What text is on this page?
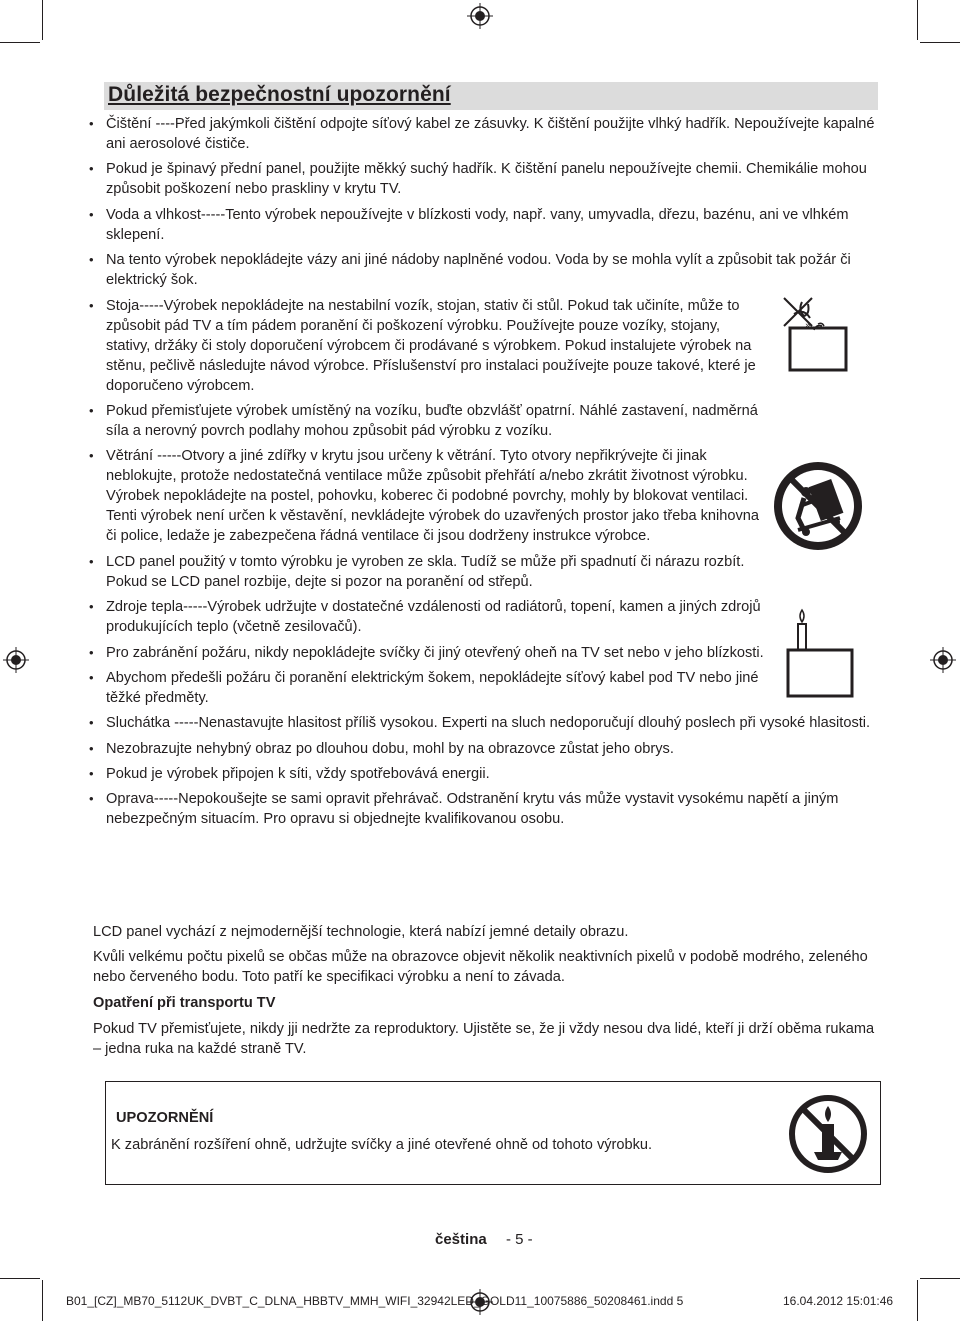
Důležitá bezpečnostní upozornění
• Čištění ----Před jakýmkoli čištění odpojte síťový kabel ze zásuvky. K čištění použijte vlhký hadřík. Nepoužívejte kapalné ani aerosolové čističe.
• Pokud je špinavý přední panel, použijte měkký suchý hadřík. K čištění panelu nepoužívejte chemii. Chemikálie mohou způsobit poškození nebo praskliny v krytu TV.
• Voda a vlhkost-----Tento výrobek nepoužívejte v blízkosti vody, např. vany, umyvadla, dřezu, bazénu, ani ve vlhkém sklepení.
• Na tento výrobek nepokládejte vázy ani jiné nádoby naplněné vodou. Voda by se mohla vylít a způsobit tak požár či elektrický šok.
• Stoja-----Výrobek nepokládejte na nestabilní vozík, stojan, stativ či stůl. Pokud tak učiníte, může to způsobit pád TV a tím pádem poranění či poškození výrobku. Používejte pouze vozíky, stojany, stativy, držáky či stoly doporučení výrobcem či prodávané s výrobkem. Pokud instalujete výrobek na stěnu, pečlivě následujte návod výrobce. Příslušenství pro instalaci používejte pouze takové, které je doporučeno výrobcem.
• Pokud přemisťujete výrobek umístěný na vozíku, buďte obzvlášť opatrní. Náhlé zastavení, nadměrná síla a nerovný povrch podlahy mohou způsobit pád výrobku z vozíku.
• Větrání -----Otvory a jiné zdířky v krytu jsou určeny k větrání. Tyto otvory nepřikrývejte či jinak neblokujte, protože nedostatečná ventilace může způsobit přehřátí a/nebo zkrátit životnost výrobku. Výrobek nepokládejte na postel, pohovku, koberec či podobné povrchy, mohly by blokovat ventilaci. Tenti výrobek není určen k věstavění, nevkládejte výrobek do uzavřených prostor jako třeba knihovna či police, ledaže je zabezpečena řádná ventilace či jsou dodrženy instrukce výrobce.
• LCD panel použitý v tomto výrobku je vyroben ze skla. Tudíž se může při spadnutí či nárazu rozbít. Pokud se LCD panel rozbije, dejte si pozor na poranění od střepů.
• Zdroje tepla-----Výrobek udržujte v dostatečné vzdálenosti od radiátorů, topení, kamen a jiných zdrojů produkujících teplo (včetně zesilovačů).
• Pro zabránění požáru, nikdy nepokládejte svíčky či jiný otevřený oheň na TV set nebo v jeho blízkosti.
• Abychom předešli požáru či poranění elektrickým šokem, nepokládejte síťový kabel pod TV nebo jiné těžké předměty.
• Sluchátka -----Nenastavujte hlasitost příliš vysokou. Experti na sluch nedoporučují dlouhý poslech při vysoké hlasitosti.
• Nezobrazujte nehybný obraz po dlouhou dobu, mohl by na obrazovce zůstat jeho obrys.
• Pokud je výrobek připojen k síti, vždy spotřebovává energii.
• Oprava-----Nepokoušejte se sami opravit přehrávač. Odstranění krytu vás může vystavit vysokému napětí a jiným nebezpečným situacím. Pro opravu si objednejte kvalifikovanou osobu.
»
LCD panel vychází z nejmodernější technologie, která nabízí jemné detaily obrazu.
Kvůli velkému počtu pixelů se občas může na obrazovce objevit několik neaktivních pixelů v podobě modrého, zeleného nebo červeného bodu. Toto patří ke specifikaci výrobku a není to závada.
Opatření při transportu TV
Pokud TV přemisťujete, nikdy jji nedržte za reproduktory. Ujistěte se, že ji vždy nesou dva lidé, kteří ji drží oběma rukama – jedna ruka na každé straně TV.
UPOZORNĚNÍ
K zabránění rozšíření ohně, udržujte svíčky a jiné otevřené ohně od tohoto výrobku.
čeština - 5 -
B01_[CZ]_MB70_5112UK_DVBT_C_DLNA_HBBTV_MMH_WIFI_32942LED_GOLD11_10075886_50208461.indd 5	16.04.2012 15:01:46
